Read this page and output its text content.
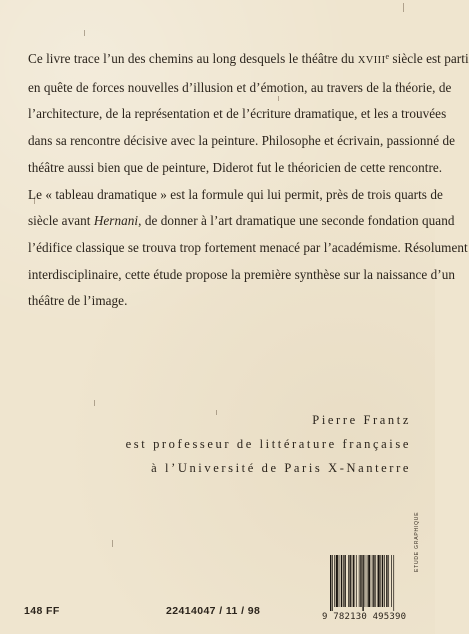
Ce livre trace l’un des chemins au long desquels le théâtre du XVIIIe siècle est parti
en quête de forces nouvelles d’illusion et d’émotion, au travers de la théorie, de
l’architecture, de la représentation et de l’écriture dramatique, et les a trouvées
dans sa rencontre décisive avec la peinture. Philosophe et écrivain, passionné de
théâtre aussi bien que de peinture, Diderot fut le théoricien de cette rencontre.
Le « tableau dramatique » est la formule qui lui permit, près de trois quarts de
siècle avant Hernani, de donner à l’art dramatique une seconde fondation quand
l’édifice classique se trouva trop fortement menacé par l’académisme. Résolument
interdisciplinaire, cette étude propose la première synthèse sur la naissance d’un
théâtre de l’image.
Pierre Frantz
est professeur de littérature française
à l’Université de Paris X-Nanterre
ETUDE GRAPHIQUE
148 FF	22414047 / 11 / 98	9 782130 495390
